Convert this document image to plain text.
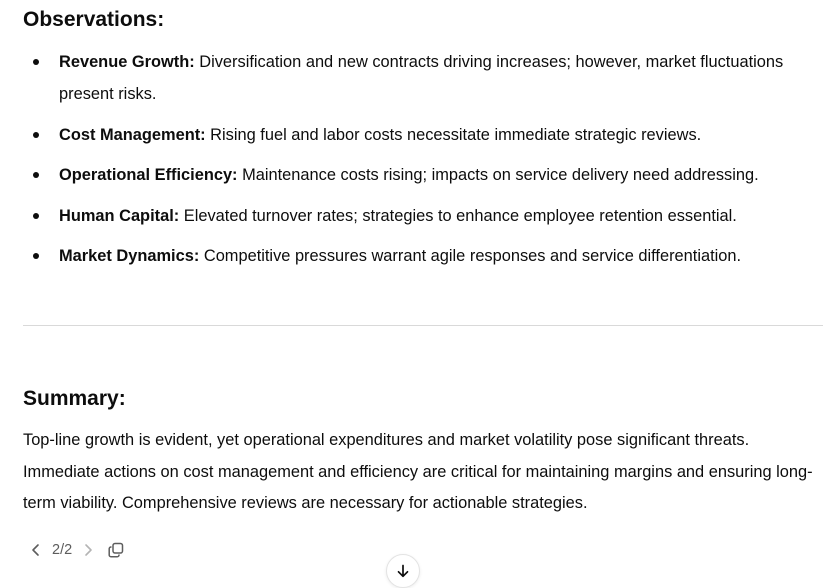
Observations:
Revenue Growth: Diversification and new contracts driving increases; however, market fluctuations present risks.
Cost Management: Rising fuel and labor costs necessitate immediate strategic reviews.
Operational Efficiency: Maintenance costs rising; impacts on service delivery need addressing.
Human Capital: Elevated turnover rates; strategies to enhance employee retention essential.
Market Dynamics: Competitive pressures warrant agile responses and service differentiation.
Summary:

Top-line growth is evident, yet operational expenditures and market volatility pose significant threats. Immediate actions on cost management and efficiency are critical for maintaining margins and ensuring long-term viability. Comprehensive reviews are necessary for actionable strategies.

2/2
